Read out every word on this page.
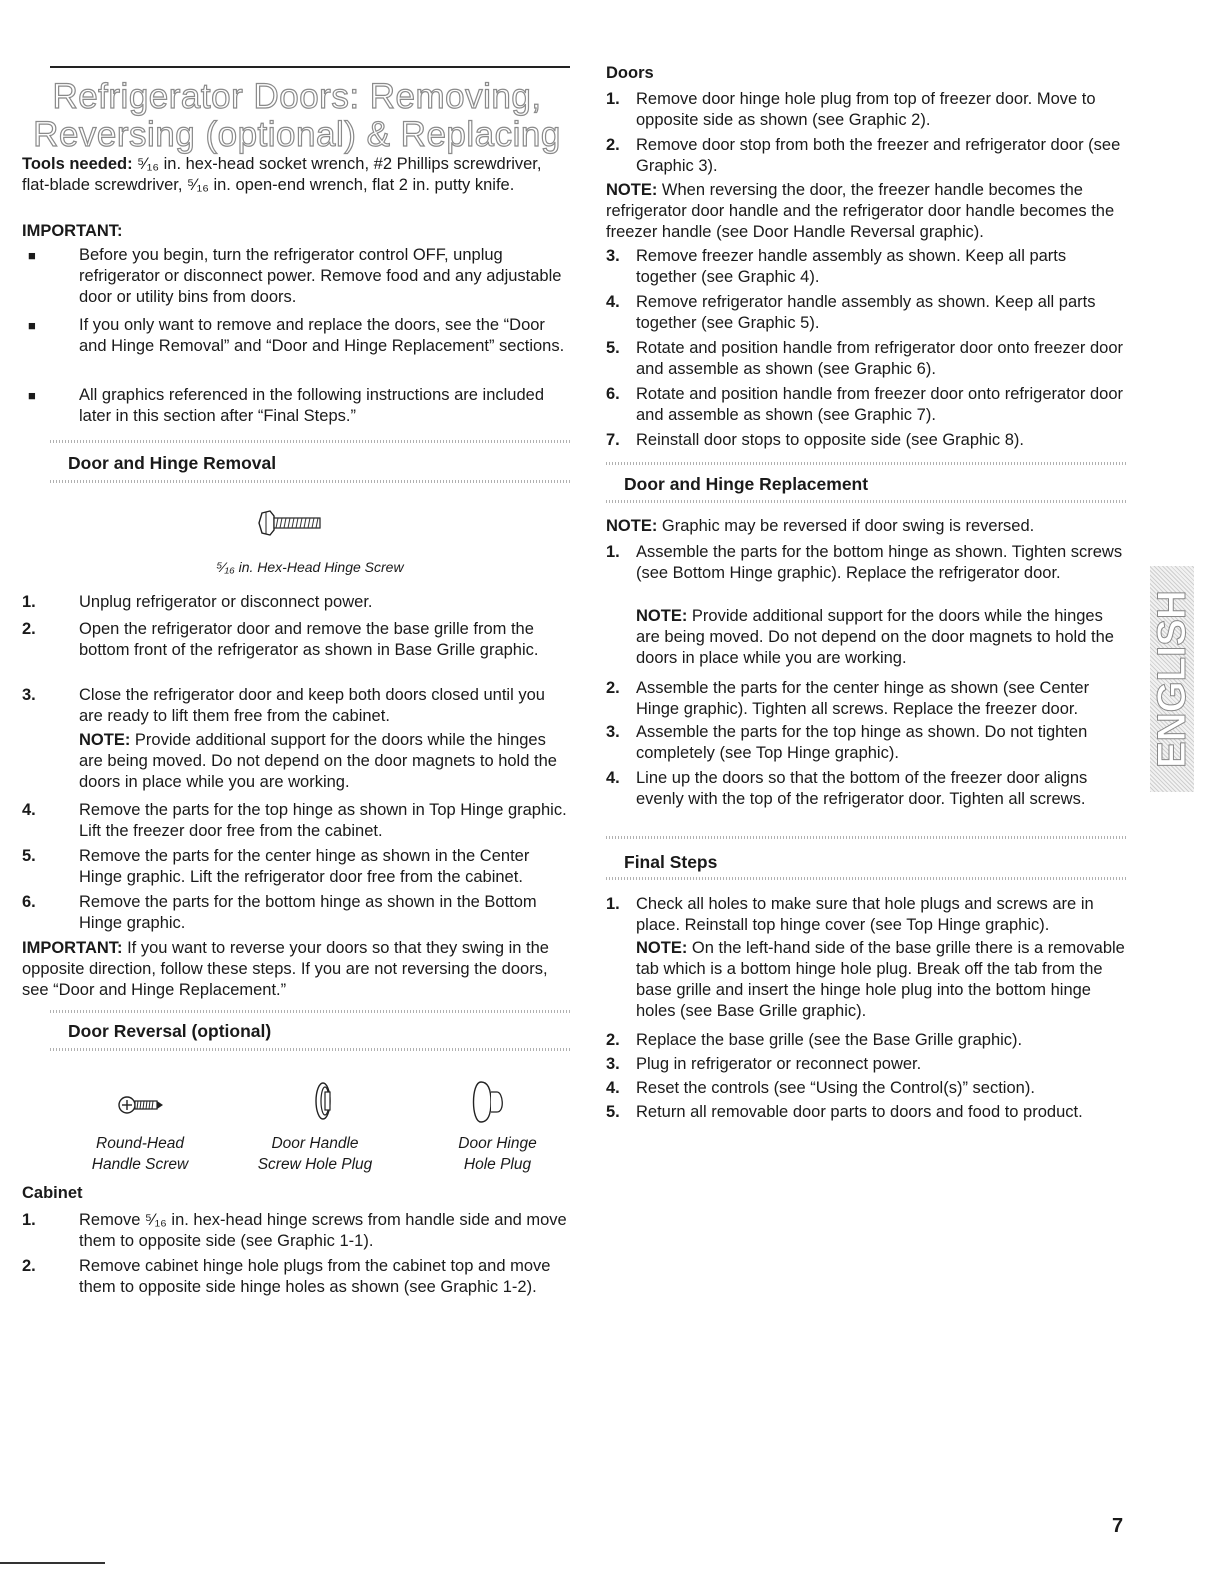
Refrigerator Doors: Removing,
Reversing (optional) & Replacing
Tools needed: ⁵⁄₁₆ in. hex-head socket wrench, #2 Phillips screwdriver, flat-blade screwdriver, ⁵⁄₁₆ in. open-end wrench, flat 2 in. putty knife.
IMPORTANT:
■	Before you begin, turn the refrigerator control OFF, unplug refrigerator or disconnect power. Remove food and any adjustable door or utility bins from doors.
■	If you only want to remove and replace the doors, see the “Door and Hinge Removal” and “Door and Hinge Replacement” sections.
■	All graphics referenced in the following instructions are included later in this section after “Final Steps.”
Door and Hinge Removal
⁵⁄₁₆ in. Hex-Head Hinge Screw
1.	Unplug refrigerator or disconnect power.
2.	Open the refrigerator door and remove the base grille from the bottom front of the refrigerator as shown in Base Grille graphic.
3.	Close the refrigerator door and keep both doors closed until you are ready to lift them free from the cabinet.
NOTE: Provide additional support for the doors while the hinges are being moved. Do not depend on the door magnets to hold the doors in place while you are working.
4.	Remove the parts for the top hinge as shown in Top Hinge graphic. Lift the freezer door free from the cabinet.
5.	Remove the parts for the center hinge as shown in the Center Hinge graphic. Lift the refrigerator door free from the cabinet.
6.	Remove the parts for the bottom hinge as shown in the Bottom Hinge graphic.
IMPORTANT: If you want to reverse your doors so that they swing in the opposite direction, follow these steps. If you are not reversing the doors, see “Door and Hinge Replacement.”
Door Reversal (optional)
Round-Head
Handle Screw
Door Handle
Screw Hole Plug
Door Hinge
Hole Plug
Cabinet
1.	Remove ⁵⁄₁₆ in. hex-head hinge screws from handle side and move them to opposite side (see Graphic 1-1).
2.	Remove cabinet hinge hole plugs from the cabinet top and move them to opposite side hinge holes as shown (see Graphic 1-2).
Doors
1. Remove door hinge hole plug from top of freezer door. Move to opposite side as shown (see Graphic 2).
2. Remove door stop from both the freezer and refrigerator door (see Graphic 3).
NOTE: When reversing the door, the freezer handle becomes the refrigerator door handle and the refrigerator door handle becomes the freezer handle (see Door Handle Reversal graphic).
3. Remove freezer handle assembly as shown. Keep all parts together (see Graphic 4).
4. Remove refrigerator handle assembly as shown. Keep all parts together (see Graphic 5).
5. Rotate and position handle from refrigerator door onto freezer door and assemble as shown (see Graphic 6).
6. Rotate and position handle from freezer door onto refrigerator door and assemble as shown (see Graphic 7).
7. Reinstall door stops to opposite side (see Graphic 8).
Door and Hinge Replacement
NOTE: Graphic may be reversed if door swing is reversed.
1. Assemble the parts for the bottom hinge as shown. Tighten screws (see Bottom Hinge graphic). Replace the refrigerator door.
NOTE: Provide additional support for the doors while the hinges are being moved. Do not depend on the door magnets to hold the doors in place while you are working.
2. Assemble the parts for the center hinge as shown (see Center Hinge graphic). Tighten all screws. Replace the freezer door.
3. Assemble the parts for the top hinge as shown. Do not tighten completely (see Top Hinge graphic).
4. Line up the doors so that the bottom of the freezer door aligns evenly with the top of the refrigerator door. Tighten all screws.
Final Steps
1. Check all holes to make sure that hole plugs and screws are in place. Reinstall top hinge cover (see Top Hinge graphic).
NOTE: On the left-hand side of the base grille there is a removable tab which is a bottom hinge hole plug. Break off the tab from the base grille and insert the hinge hole plug into the bottom hinge holes (see Base Grille graphic).
2. Replace the base grille (see the Base Grille graphic).
3. Plug in refrigerator or reconnect power.
4. Reset the controls (see “Using the Control(s)” section).
5. Return all removable door parts to doors and food to product.
ENGLISH
7
